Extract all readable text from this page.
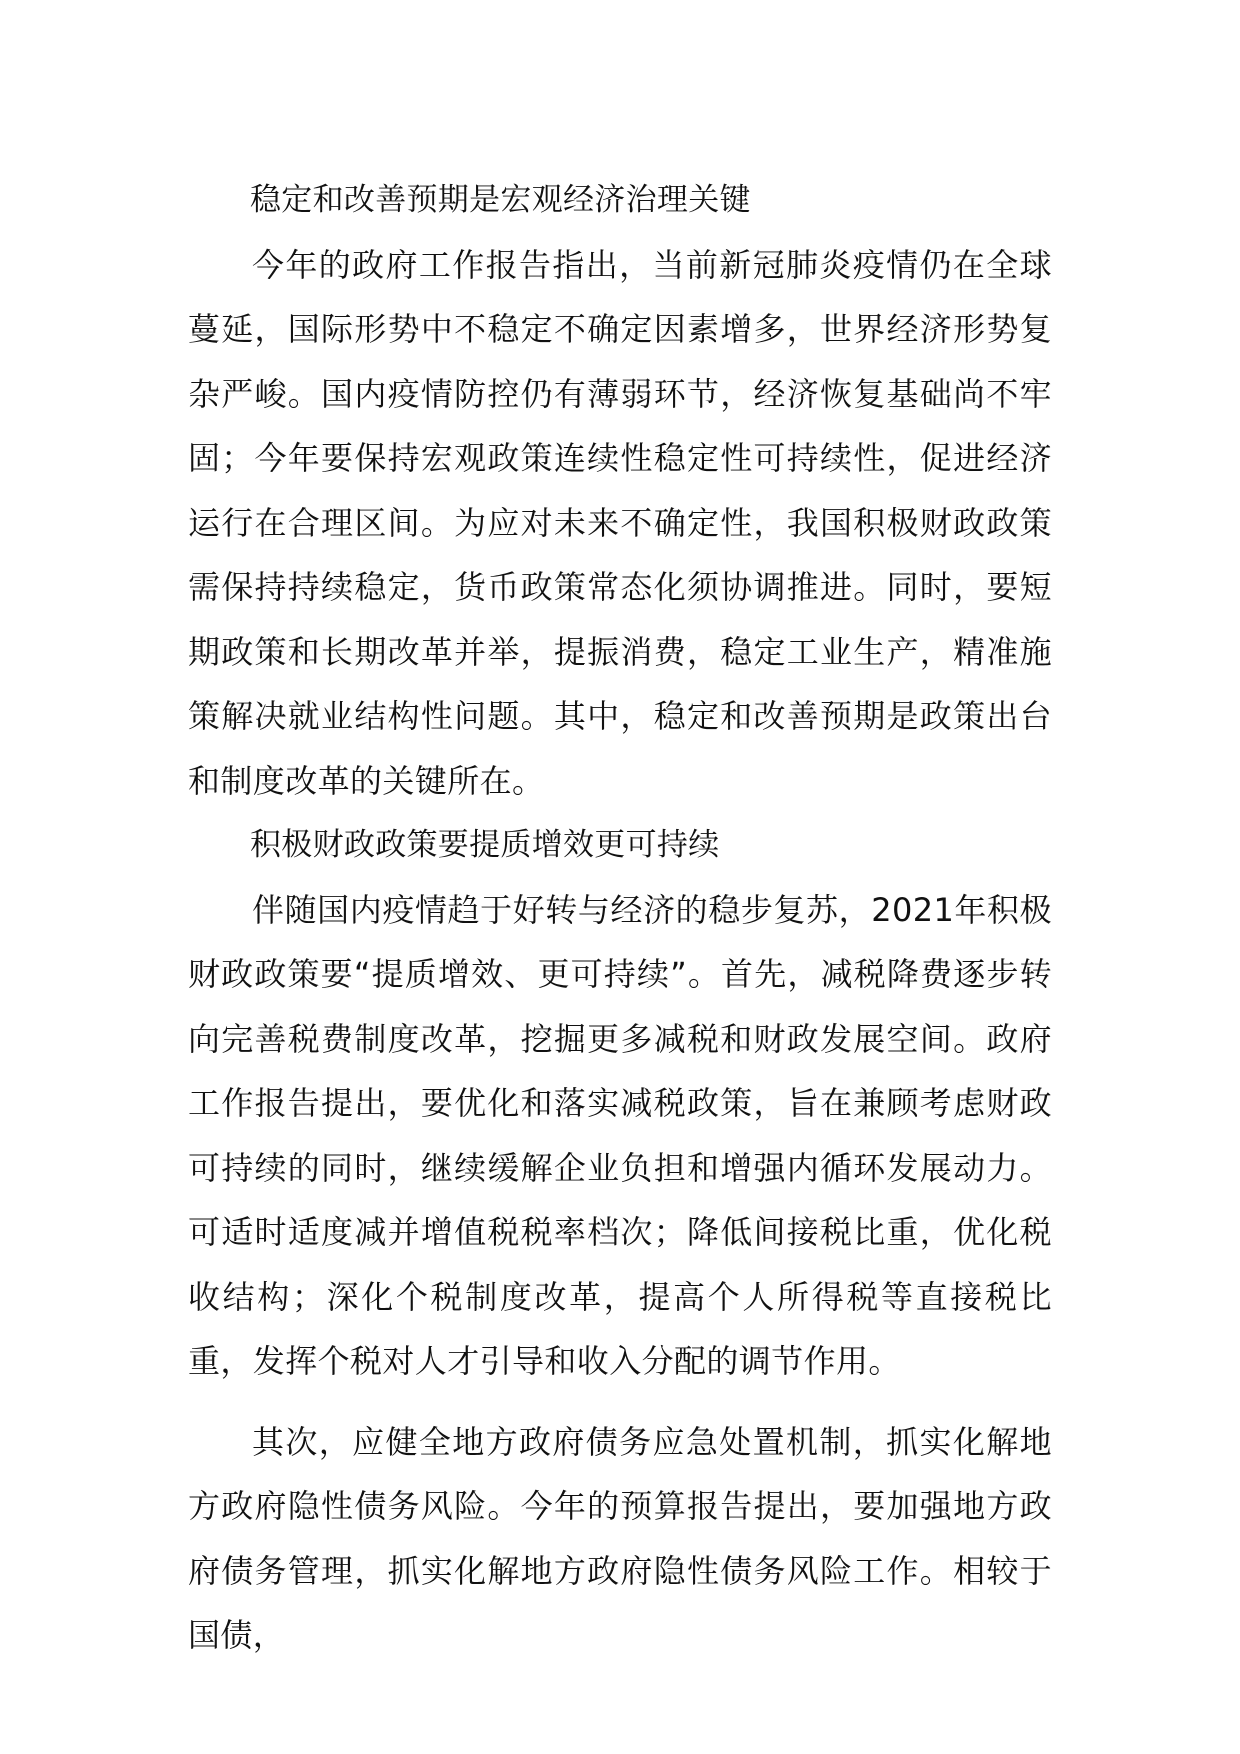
稳定和改善预期是宏观经济治理关键

今年的政府工作报告指出，当前新冠肺炎疫情仍在全球蔓延，国际形势中不稳定不确定因素增多，世界经济形势复杂严峻。国内疫情防控仍有薄弱环节，经济恢复基础尚不牢固；今年要保持宏观政策连续性稳定性可持续性，促进经济运行在合理区间。为应对未来不确定性，我国积极财政政策需保持持续稳定，货币政策常态化须协调推进。同时，要短期政策和长期改革并举，提振消费，稳定工业生产，精准施策解决就业结构性问题。其中，稳定和改善预期是政策出台和制度改革的关键所在。

积极财政政策要提质增效更可持续

伴随国内疫情趋于好转与经济的稳步复苏，2021年积极财政政策要“提质增效、更可持续”。首先，减税降费逐步转向完善税费制度改革，挖掘更多减税和财政发展空间。政府工作报告提出，要优化和落实减税政策，旨在兼顾考虑财政可持续的同时，继续缓解企业负担和增强内循环发展动力。可适时适度减并增值税税率档次；降低间接税比重，优化税收结构；深化个税制度改革，提高个人所得税等直接税比重，发挥个税对人才引导和收入分配的调节作用。

其次，应健全地方政府债务应急处置机制，抓实化解地方政府隐性债务风险。今年的预算报告提出，要加强地方政府债务管理，抓实化解地方政府隐性债务风险工作。相较于国债，
